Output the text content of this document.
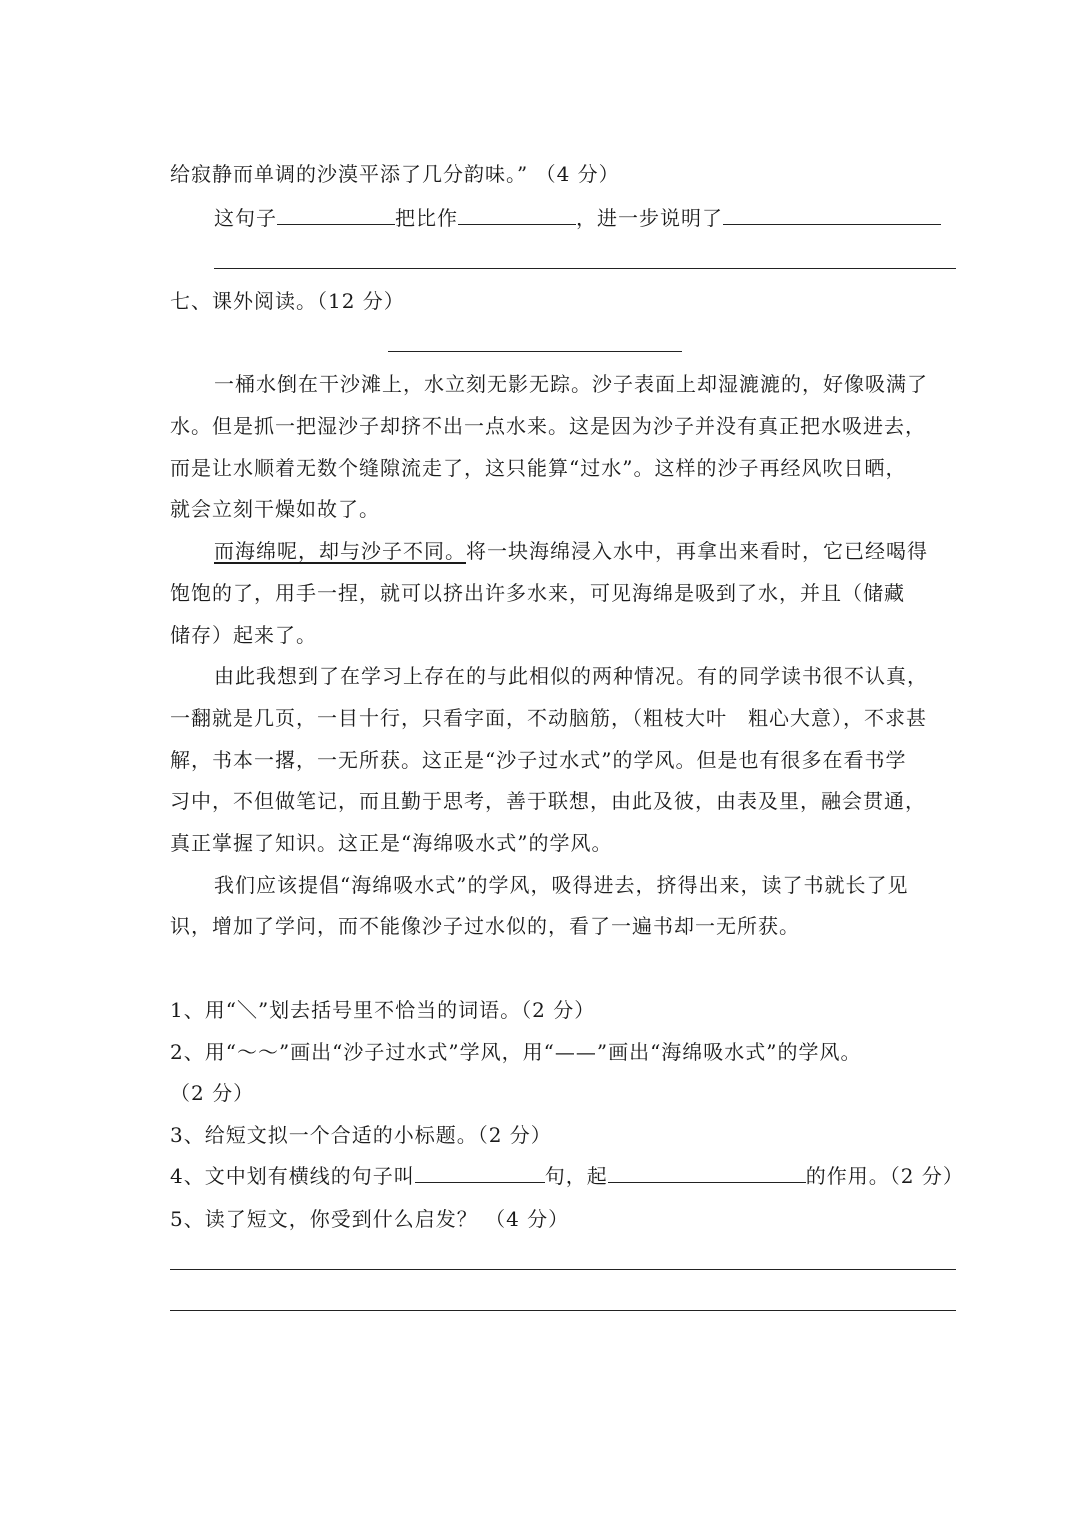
给寂静而单调的沙漠平添了几分韵味。” （4 分）
这句子	把比作	，进一步说明了
七、课外阅读。（12 分）
一桶水倒在干沙滩上，水立刻无影无踪。沙子表面上却湿漉漉的，好像吸满了
水。但是抓一把湿沙子却挤不出一点水来。这是因为沙子并没有真正把水吸进去，
而是让水顺着无数个缝隙流走了，这只能算“过水”。这样的沙子再经风吹日晒，
就会立刻干燥如故了。
而海绵呢，却与沙子不同。将一块海绵浸入水中，再拿出来看时，它已经喝得
饱饱的了，用手一捏，就可以挤出许多水来，可见海绵是吸到了水，并且（储藏
储存）起来了。
由此我想到了在学习上存在的与此相似的两种情况。有的同学读书很不认真，
一翻就是几页，一目十行，只看字面，不动脑筋，（粗枝大叶　粗心大意），不求甚
解，书本一撂，一无所获。这正是“沙子过水式”的学风。但是也有很多在看书学
习中，不但做笔记，而且勤于思考，善于联想，由此及彼，由表及里，融会贯通，
真正掌握了知识。这正是“海绵吸水式”的学风。
我们应该提倡“海绵吸水式”的学风，吸得进去，挤得出来，读了书就长了见
识，增加了学问，而不能像沙子过水似的，看了一遍书却一无所获。
1、用“＼”划去括号里不恰当的词语。（2 分）
2、用“～～”画出“沙子过水式”学风，用“——”画出“海绵吸水式”的学风。
（2 分）
3、给短文拟一个合适的小标题。（2 分）
4、文中划有横线的句子叫	句，起	的作用。（2 分）
5、读了短文，你受到什么启发？ （4 分）
